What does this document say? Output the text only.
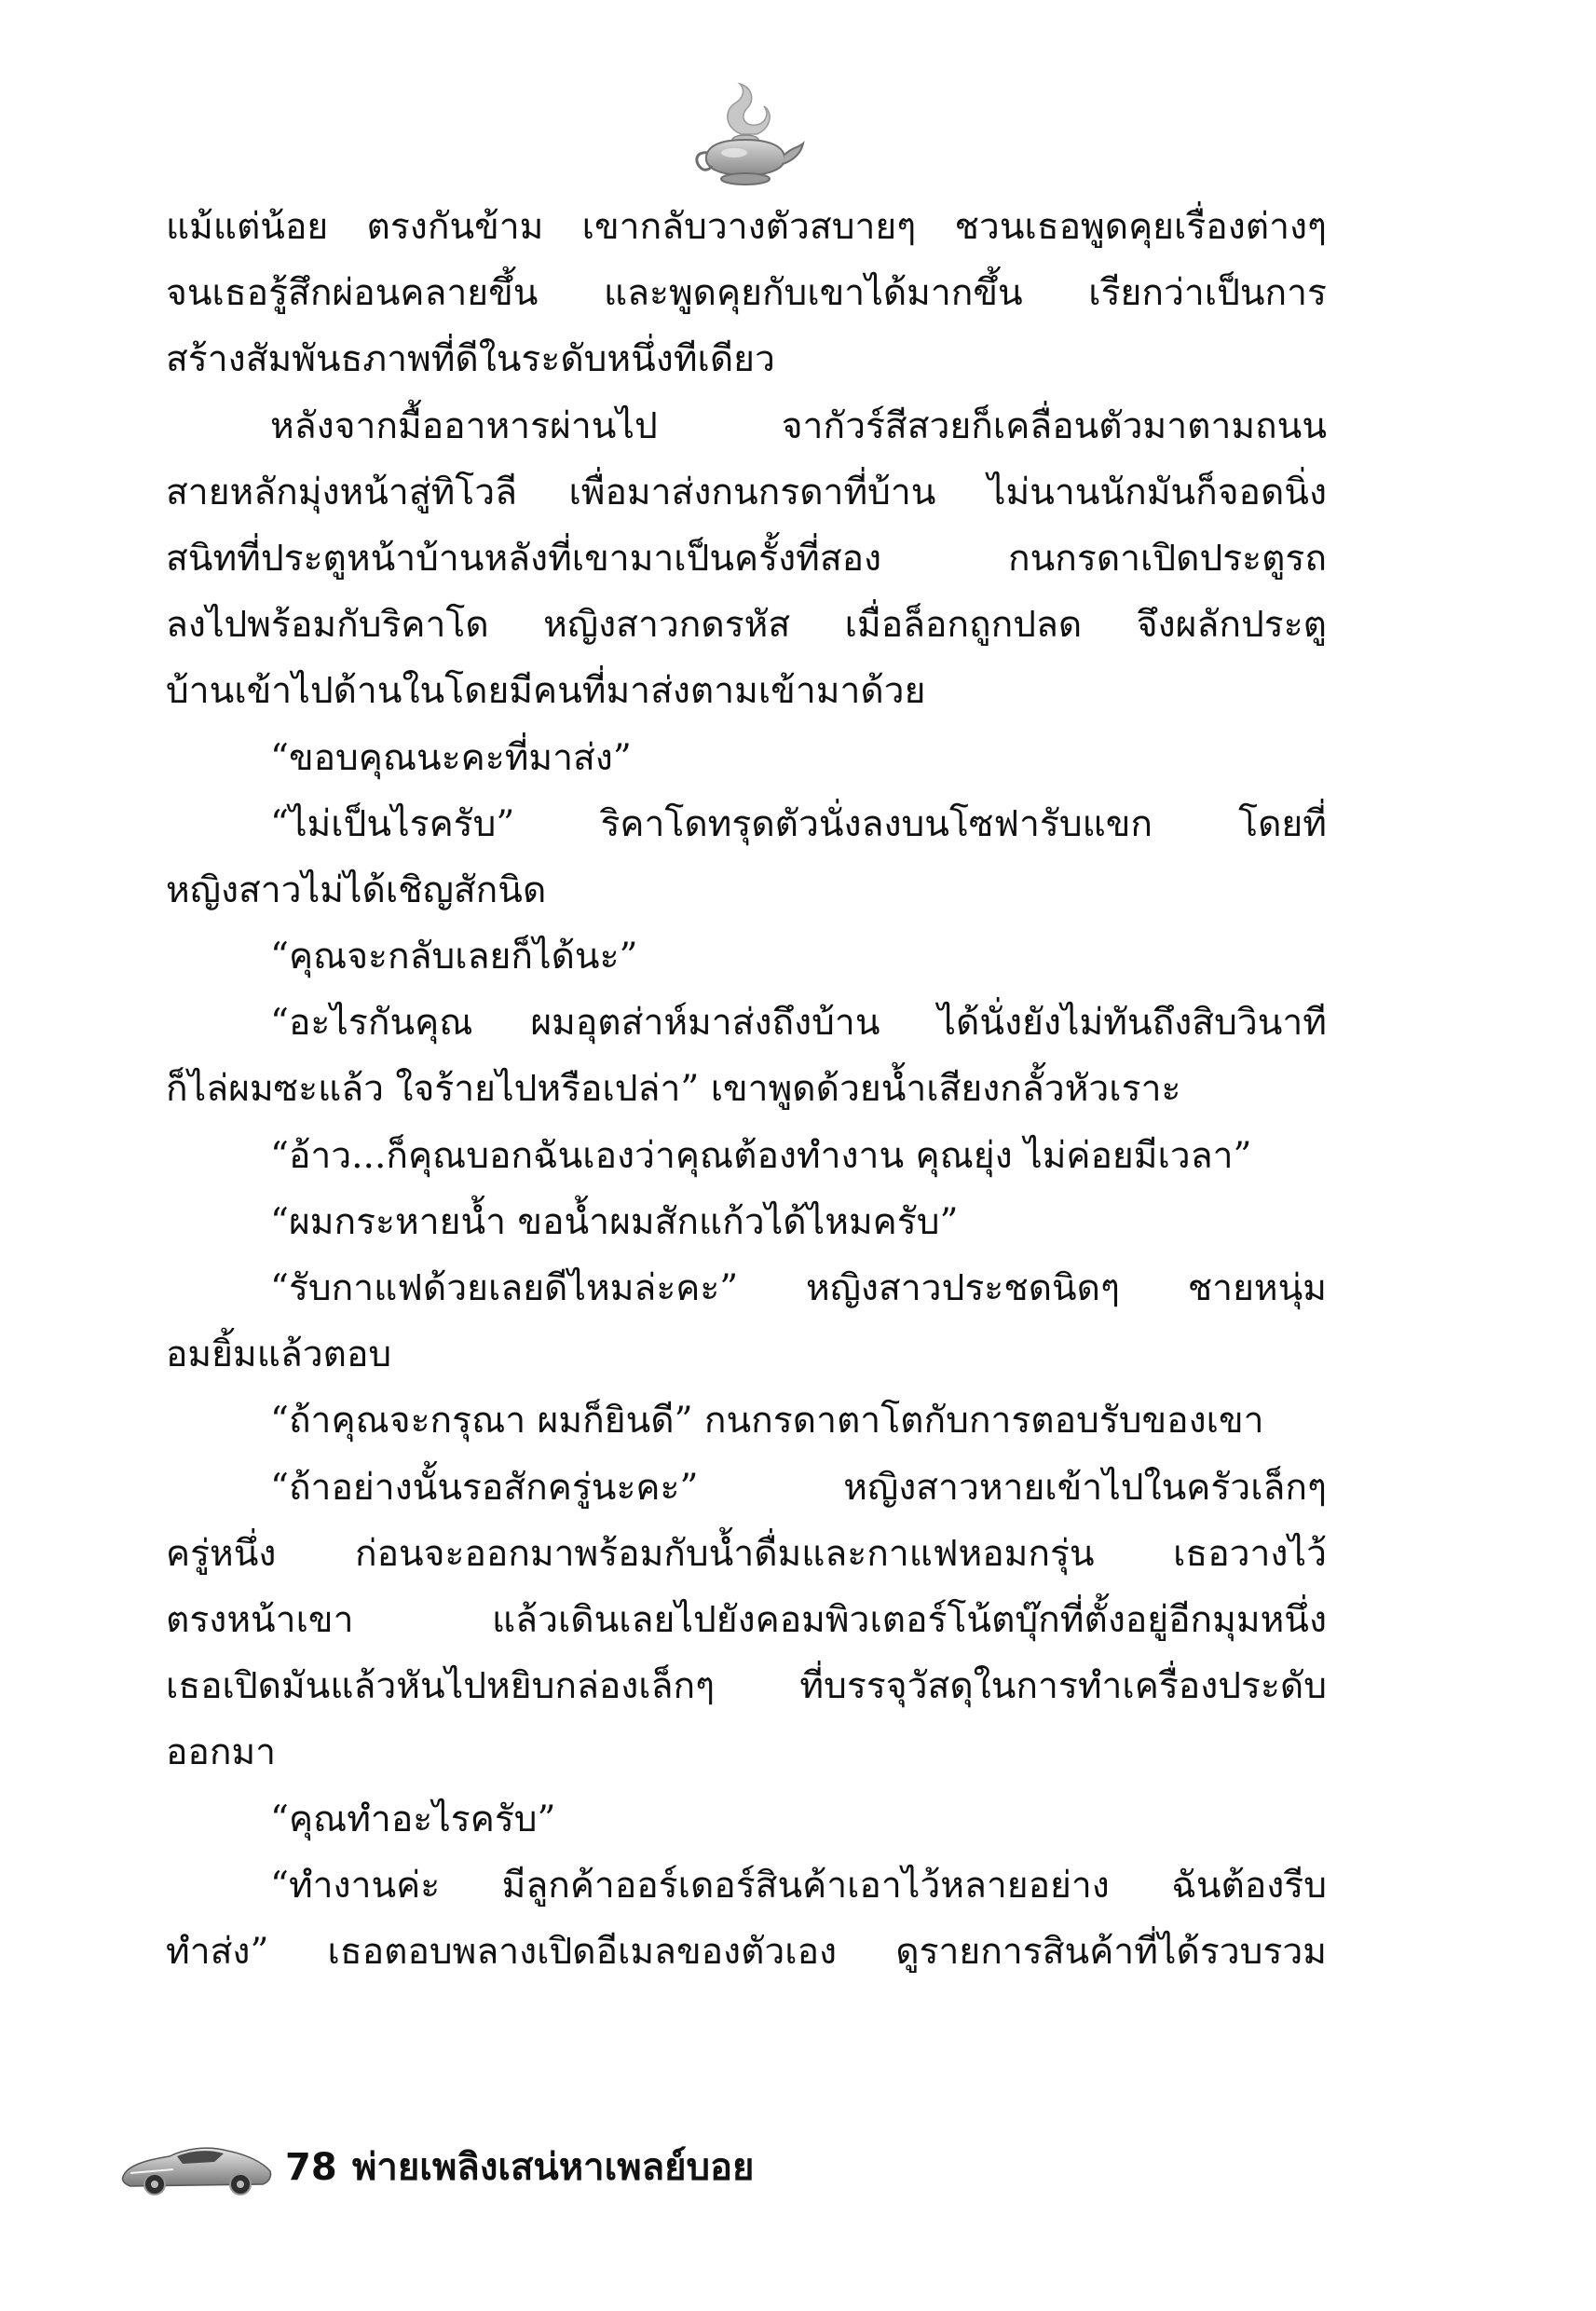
แม้แต่น้อย ตรงกันข้าม เขากลับวางตัวสบายๆ ชวนเธอพูดคุยเรื่องต่างๆ
จนเธอรู้สึกผ่อนคลายขึ้น และพูดคุยกับเขาได้มากขึ้น เรียกว่าเป็นการ
สร้างสัมพันธภาพที่ดีในระดับหนึ่งทีเดียว
หลังจากมื้ออาหารผ่านไป จากัวร์สีสวยก็เคลื่อนตัวมาตามถนน
สายหลักมุ่งหน้าสู่ทิโวลี เพื่อมาส่งกนกรดาที่บ้าน ไม่นานนักมันก็จอดนิ่ง
สนิทที่ประตูหน้าบ้านหลังที่เขามาเป็นครั้งที่สอง กนกรดาเปิดประตูรถ
ลงไปพร้อมกับริคาโด หญิงสาวกดรหัส เมื่อล็อกถูกปลด จึงผลักประตู
บ้านเข้าไปด้านในโดยมีคนที่มาส่งตามเข้ามาด้วย
“ขอบคุณนะคะที่มาส่ง”
“ไม่เป็นไรครับ” ริคาโดทรุดตัวนั่งลงบนโซฟารับแขก โดยที่
หญิงสาวไม่ได้เชิญสักนิด
“คุณจะกลับเลยก็ได้นะ”
“อะไรกันคุณ ผมอุตส่าห์มาส่งถึงบ้าน ได้นั่งยังไม่ทันถึงสิบวินาที
ก็ไล่ผมซะแล้ว ใจร้ายไปหรือเปล่า” เขาพูดด้วยน้ำเสียงกลั้วหัวเราะ
“อ้าว...ก็คุณบอกฉันเองว่าคุณต้องทำงาน คุณยุ่ง ไม่ค่อยมีเวลา”
“ผมกระหายน้ำ ขอน้ำผมสักแก้วได้ไหมครับ”
“รับกาแฟด้วยเลยดีไหมล่ะคะ” หญิงสาวประชดนิดๆ ชายหนุ่ม
อมยิ้มแล้วตอบ
“ถ้าคุณจะกรุณา ผมก็ยินดี” กนกรดาตาโตกับการตอบรับของเขา
“ถ้าอย่างนั้นรอสักครู่นะคะ” หญิงสาวหายเข้าไปในครัวเล็กๆ
ครู่หนึ่ง ก่อนจะออกมาพร้อมกับน้ำดื่มและกาแฟหอมกรุ่น เธอวางไว้
ตรงหน้าเขา แล้วเดินเลยไปยังคอมพิวเตอร์โน้ตบุ๊กที่ตั้งอยู่อีกมุมหนึ่ง
เธอเปิดมันแล้วหันไปหยิบกล่องเล็กๆ ที่บรรจุวัสดุในการทำเครื่องประดับ
ออกมา
“คุณทำอะไรครับ”
“ทำงานค่ะ มีลูกค้าออร์เดอร์สินค้าเอาไว้หลายอย่าง ฉันต้องรีบ
ทำส่ง” เธอตอบพลางเปิดอีเมลของตัวเอง ดูรายการสินค้าที่ได้รวบรวม
78 พ่ายเพลิงเสน่หาเพลย์บอย
